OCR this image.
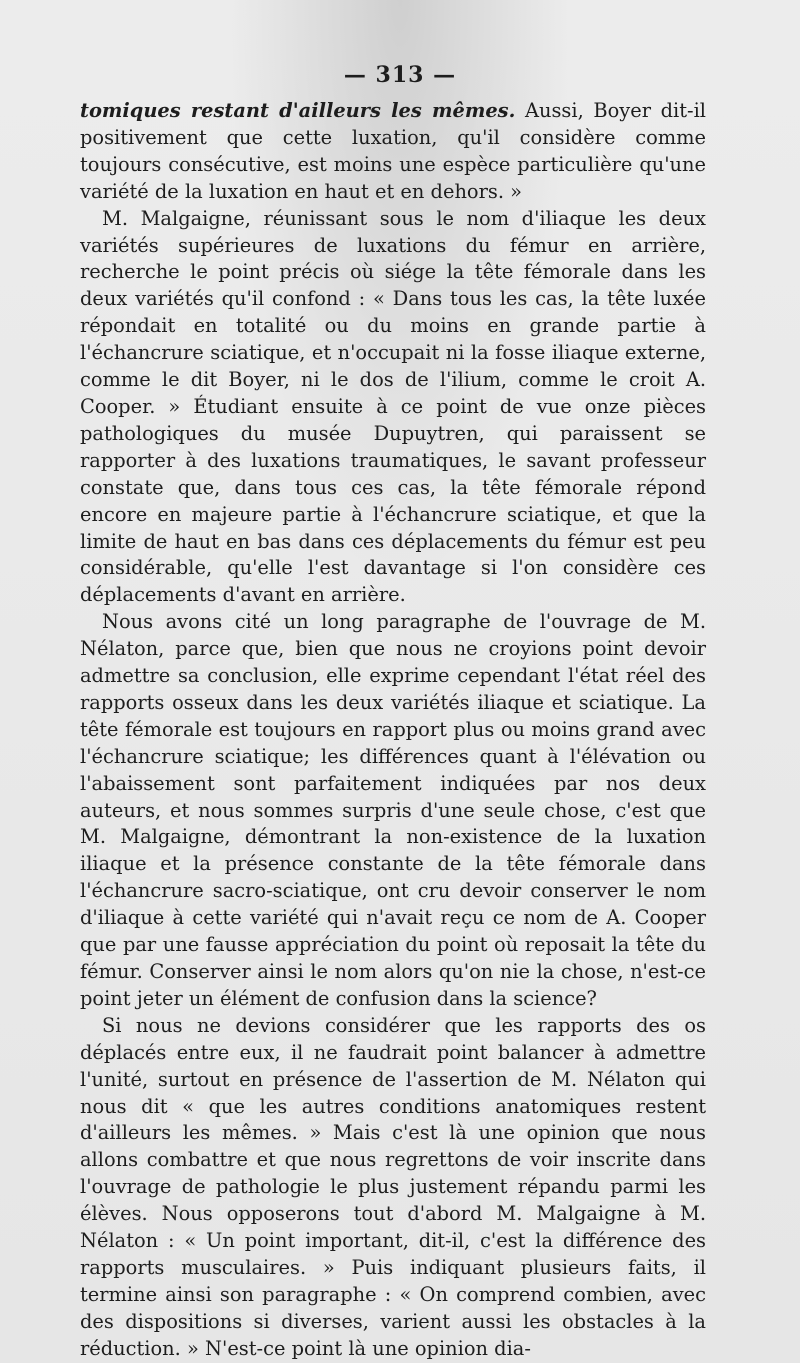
— 313 —

tomiques restant d'ailleurs les mêmes. Aussi, Boyer dit-il positivement que cette luxation, qu'il considère comme toujours consécutive, est moins une espèce particulière qu'une variété de la luxation en haut et en dehors. »

M. Malgaigne, réunissant sous le nom d'iliaque les deux variétés supérieures de luxations du fémur en arrière, recherche le point précis où siége la tête fémorale dans les deux variétés qu'il confond : « Dans tous les cas, la tête luxée répondait en totalité ou du moins en grande partie à l'échancrure sciatique, et n'occupait ni la fosse iliaque externe, comme le dit Boyer, ni le dos de l'ilium, comme le croit A. Cooper. » Étudiant ensuite à ce point de vue onze pièces pathologiques du musée Dupuytren, qui paraissent se rapporter à des luxations traumatiques, le savant professeur constate que, dans tous ces cas, la tête fémorale répond encore en majeure partie à l'échancrure sciatique, et que la limite de haut en bas dans ces déplacements du fémur est peu considérable, qu'elle l'est davantage si l'on considère ces déplacements d'avant en arrière.

Nous avons cité un long paragraphe de l'ouvrage de M. Nélaton, parce que, bien que nous ne croyions point devoir admettre sa conclusion, elle exprime cependant l'état réel des rapports osseux dans les deux variétés iliaque et sciatique. La tête fémorale est toujours en rapport plus ou moins grand avec l'échancrure sciatique; les différences quant à l'élévation ou l'abaissement sont parfaitement indiquées par nos deux auteurs, et nous sommes surpris d'une seule chose, c'est que M. Malgaigne, démontrant la non-existence de la luxation iliaque et la présence constante de la tête fémorale dans l'échancrure sacro-sciatique, ont cru devoir conserver le nom d'iliaque à cette variété qui n'avait reçu ce nom de A. Cooper que par une fausse appréciation du point où reposait la tête du fémur. Conserver ainsi le nom alors qu'on nie la chose, n'est-ce point jeter un élément de confusion dans la science?

Si nous ne devions considérer que les rapports des os déplacés entre eux, il ne faudrait point balancer à admettre l'unité, surtout en présence de l'assertion de M. Nélaton qui nous dit « que les autres conditions anatomiques restent d'ailleurs les mêmes. » Mais c'est là une opinion que nous allons combattre et que nous regrettons de voir inscrite dans l'ouvrage de pathologie le plus justement répandu parmi les élèves. Nous opposerons tout d'abord M. Malgaigne à M. Nélaton : « Un point important, dit-il, c'est la différence des rapports musculaires. » Puis indiquant plusieurs faits, il termine ainsi son paragraphe : « On comprend combien, avec des dispositions si diverses, varient aussi les obstacles à la réduction. » N'est-ce point là une opinion dia-
